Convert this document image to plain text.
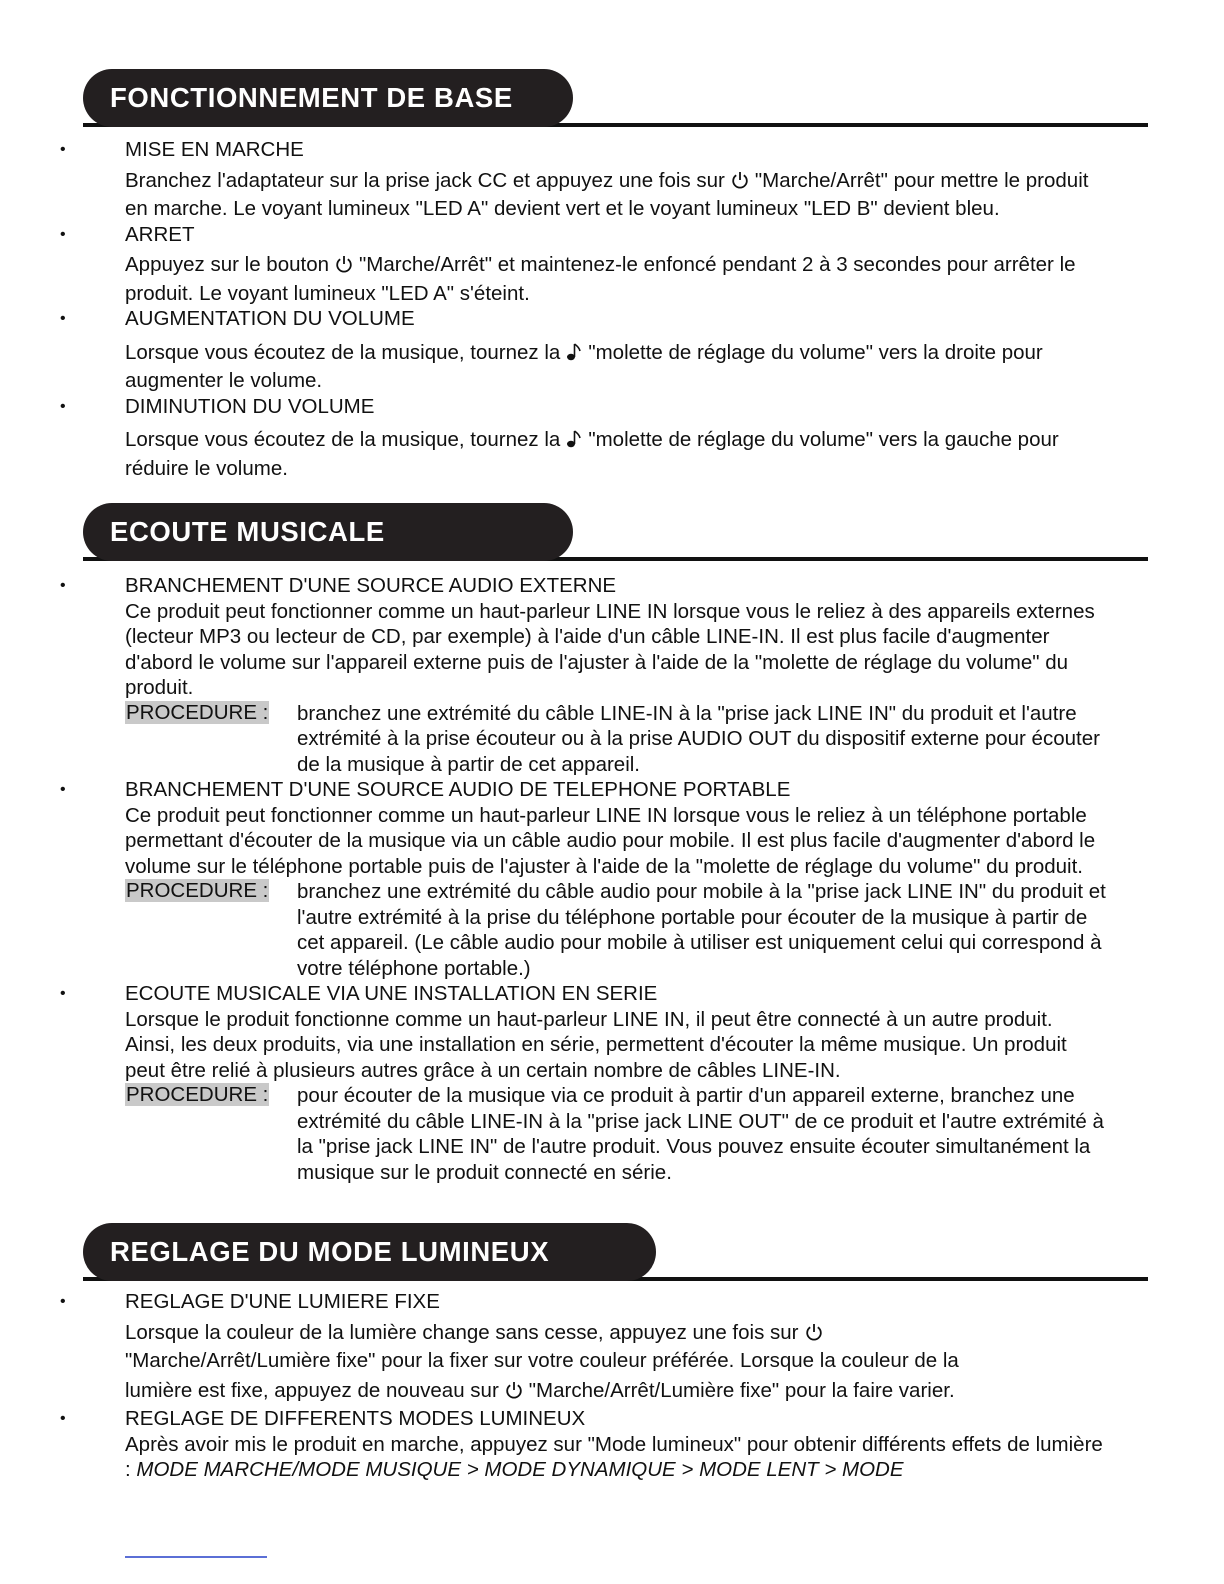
FONCTIONNEMENT DE BASE
•	MISE EN MARCHE
Branchez l'adaptateur sur la prise jack CC et appuyez une fois sur "Marche/Arrêt" pour mettre le produit en marche. Le voyant lumineux "LED A" devient vert et le voyant lumineux "LED B" devient bleu.
•	ARRET
Appuyez sur le bouton "Marche/Arrêt" et maintenez-le enfoncé pendant 2 à 3 secondes pour arrêter le produit. Le voyant lumineux "LED A" s'éteint.
•	AUGMENTATION DU VOLUME
Lorsque vous écoutez de la musique, tournez la "molette de réglage du volume" vers la droite pour augmenter le volume.
•	DIMINUTION DU VOLUME
Lorsque vous écoutez de la musique, tournez la "molette de réglage du volume" vers la gauche pour réduire le volume.
ECOUTE MUSICALE
•	BRANCHEMENT D'UNE SOURCE AUDIO EXTERNE
Ce produit peut fonctionner comme un haut-parleur LINE IN lorsque vous le reliez à des appareils externes (lecteur MP3 ou lecteur de CD, par exemple) à l'aide d'un câble LINE-IN. Il est plus facile d'augmenter d'abord le volume sur l'appareil externe puis de l'ajuster à l'aide de la "molette de réglage du volume" du produit.
PROCEDURE : branchez une extrémité du câble LINE-IN à la "prise jack LINE IN" du produit et l'autre extrémité à la prise écouteur ou à la prise AUDIO OUT du dispositif externe pour écouter de la musique à partir de cet appareil.
•	BRANCHEMENT D'UNE SOURCE AUDIO DE TELEPHONE PORTABLE
Ce produit peut fonctionner comme un haut-parleur LINE IN lorsque vous le reliez à un téléphone portable permettant d'écouter de la musique via un câble audio pour mobile. Il est plus facile d'augmenter d'abord le volume sur le téléphone portable puis de l'ajuster à l'aide de la "molette de réglage du volume" du produit.
PROCEDURE : branchez une extrémité du câble audio pour mobile à la "prise jack LINE IN" du produit et l'autre extrémité à la prise du téléphone portable pour écouter de la musique à partir de cet appareil. (Le câble audio pour mobile à utiliser est uniquement celui qui correspond à votre téléphone portable.)
•	ECOUTE MUSICALE VIA UNE INSTALLATION EN SERIE
Lorsque le produit fonctionne comme un haut-parleur LINE IN, il peut être connecté à un autre produit. Ainsi, les deux produits, via une installation en série, permettent d'écouter la même musique. Un produit peut être relié à plusieurs autres grâce à un certain nombre de câbles LINE-IN.
PROCEDURE : pour écouter de la musique via ce produit à partir d'un appareil externe, branchez une extrémité du câble LINE-IN à la "prise jack LINE OUT" de ce produit et l'autre extrémité à la "prise jack LINE IN" de l'autre produit. Vous pouvez ensuite écouter simultanément la musique sur le produit connecté en série.
REGLAGE DU MODE LUMINEUX
•	REGLAGE D'UNE LUMIERE FIXE
Lorsque la couleur de la lumière change sans cesse, appuyez une fois sur
"Marche/Arrêt/Lumière fixe" pour la fixer sur votre couleur préférée. Lorsque la couleur de la
lumière est fixe, appuyez de nouveau sur "Marche/Arrêt/Lumière fixe" pour la faire varier.
•	REGLAGE DE DIFFERENTS MODES LUMINEUX
Après avoir mis le produit en marche, appuyez sur "Mode lumineux" pour obtenir différents effets de lumière : MODE MARCHE/MODE MUSIQUE > MODE DYNAMIQUE > MODE LENT > MODE
